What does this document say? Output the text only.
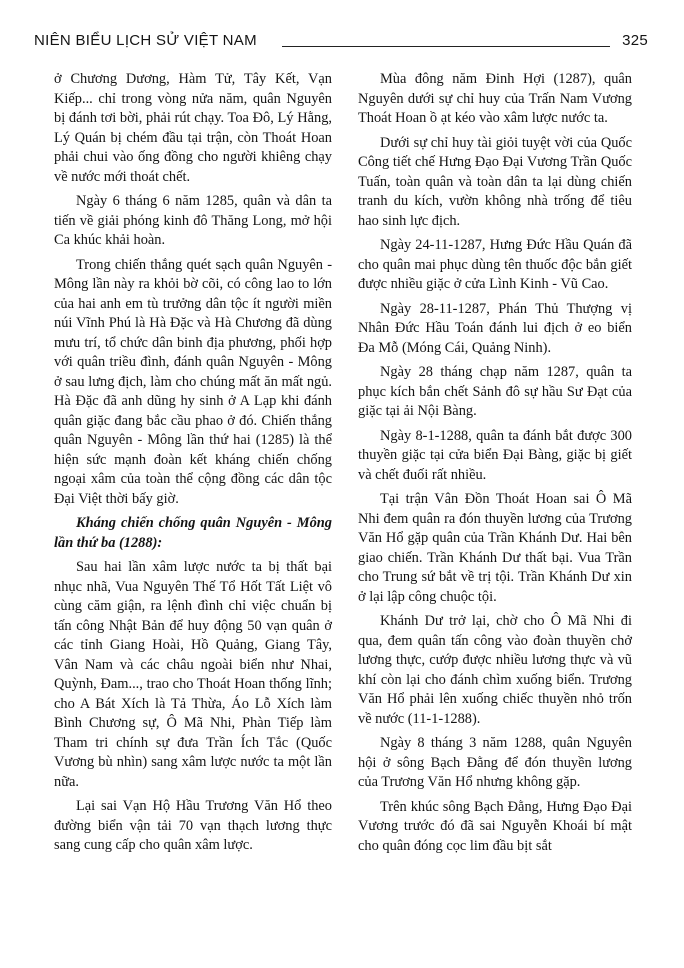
NIÊN BIỂU LỊCH SỬ VIỆT NAM	325

ở Chương Dương, Hàm Tử, Tây Kết, Vạn Kiếp... chỉ trong vòng nửa năm, quân Nguyên bị đánh tơi bời, phải rút chạy. Toa Đô, Lý Hằng, Lý Quán bị chém đầu tại trận, còn Thoát Hoan phải chui vào ống đồng cho người khiêng chạy về nước mới thoát chết.

Ngày 6 tháng 6 năm 1285, quân và dân ta tiến về giải phóng kinh đô Thăng Long, mở hội Ca khúc khải hoàn.

Trong chiến thắng quét sạch quân Nguyên - Mông lần này ra khỏi bờ cõi, có công lao to lớn của hai anh em tù trưởng dân tộc ít người miền núi Vĩnh Phú là Hà Đặc và Hà Chương đã dùng mưu trí, tổ chức dân binh địa phương, phối hợp với quân triều đình, đánh quân Nguyên - Mông ở sau lưng địch, làm cho chúng mất ăn mất ngủ. Hà Đặc đã anh dũng hy sinh ở A Lạp khi đánh quân giặc đang bắc cầu phao ở đó. Chiến thắng quân Nguyên - Mông lần thứ hai (1285) là thể hiện sức mạnh đoàn kết kháng chiến chống ngoại xâm của toàn thể cộng đồng các dân tộc Đại Việt thời bấy giờ.

Kháng chiến chống quân Nguyên - Mông lần thứ ba (1288):

Sau hai lần xâm lược nước ta bị thất bại nhục nhã, Vua Nguyên Thế Tổ Hốt Tất Liệt vô cùng căm giận, ra lệnh đình chỉ việc chuẩn bị tấn công Nhật Bản để huy động 50 vạn quân ở các tỉnh Giang Hoài, Hồ Quảng, Giang Tây, Vân Nam và các châu ngoài biển như Nhai, Quỳnh, Đam..., trao cho Thoát Hoan thống lĩnh; cho A Bát Xích là Tả Thừa, Áo Lỗ Xích làm Bình Chương sự, Ô Mã Nhi, Phàn Tiếp làm Tham tri chính sự đưa Trần Ích Tắc (Quốc Vương bù nhìn) sang xâm lược nước ta một lần nữa.

Lại sai Vạn Hộ Hầu Trương Văn Hổ theo đường biển vận tải 70 vạn thạch lương thực sang cung cấp cho quân xâm lược.

Mùa đông năm Đinh Hợi (1287), quân Nguyên dưới sự chỉ huy của Trấn Nam Vương Thoát Hoan ồ ạt kéo vào xâm lược nước ta.

Dưới sự chỉ huy tài giỏi tuyệt vời của Quốc Công tiết chế Hưng Đạo Đại Vương Trần Quốc Tuấn, toàn quân và toàn dân ta lại dùng chiến tranh du kích, vườn không nhà trống để tiêu hao sinh lực địch.

Ngày 24-11-1287, Hưng Đức Hầu Quán đã cho quân mai phục dùng tên thuốc độc bắn giết được nhiều giặc ở cửa Lình Kinh - Vũ Cao.

Ngày 28-11-1287, Phán Thủ Thượng vị Nhân Đức Hầu Toán đánh lui địch ở eo biển Đa Mỗ (Móng Cái, Quảng Ninh).

Ngày 28 tháng chạp năm 1287, quân ta phục kích bắn chết Sảnh đô sự hầu Sư Đạt của giặc tại ải Nội Bàng.

Ngày 8-1-1288, quân ta đánh bắt được 300 thuyền giặc tại cửa biển Đại Bàng, giặc bị giết và chết đuối rất nhiều.

Tại trận Vân Đồn Thoát Hoan sai Ô Mã Nhi đem quân ra đón thuyền lương của Trương Văn Hổ gặp quân của Trần Khánh Dư. Hai bên giao chiến. Trần Khánh Dư thất bại. Vua Trần cho Trung sứ bắt về trị tội. Trần Khánh Dư xin ở lại lập công chuộc tội.

Khánh Dư trở lại, chờ cho Ô Mã Nhi đi qua, đem quân tấn công vào đoàn thuyền chở lương thực, cướp được nhiều lương thực và vũ khí còn lại cho đánh chìm xuống biển. Trương Văn Hổ phải lên xuống chiếc thuyền nhỏ trốn về nước (11-1-1288).

Ngày 8 tháng 3 năm 1288, quân Nguyên hội ở sông Bạch Đằng để đón thuyền lương của Trương Văn Hổ nhưng không gặp.

Trên khúc sông Bạch Đằng, Hưng Đạo Đại Vương trước đó đã sai Nguyễn Khoái bí mật cho quân đóng cọc lim đầu bịt sắt
